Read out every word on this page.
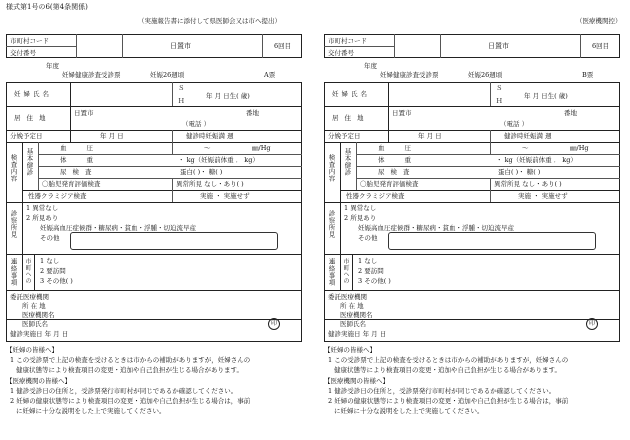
様式第1号の6(第4条関係)
（実施報告書に添付して県医師会又は市へ提出）
市町村コード
交付番号
日置市	6回目
年度
妊婦健康診査受診票	妊娠26週頃	A票
妊婦氏名
Ｓ
Ｈ
年 月 日生( 歳)
居住地
日置市	番地
（電話 ）
分娩予定日	年 月 日	健診時妊娠満 週
検査内容 基本健診	血圧	〜	㎜/Hg
体重	・ kg（妊娠前体重 ． kg）
尿検査	蛋白( )・ 糖( )
〇胎児発育評価検査	異常所見 なし・あり( )
性器クラミジア検査	実施 ・ 実施せず
診察所見
1 異常なし
2 所見あり
妊娠高血圧症候群・糖尿病・貧血・浮腫・切迫流早産
その他
連絡事項 市町への 1 なし
2 要訪問
3 その他( )
委託医療機関
所 在 地
医療機関名
医師氏名	印
健診実施日 年 月 日
【妊婦の皆様へ】
1 この受診票で上記の検査を受けるときは市からの補助がありますが，妊婦さんの
健康状態等により検査項目の変更・追加や自己負担が生じる場合があります。
【医療機関の皆様へ】
1 健診受診日の住所と，受診票発行市町村が同じであるか確認してください。
2 妊婦の健康状態等により検査項目の変更・追加や自己負担が生じる場合は，事前
に妊婦に十分な説明をした上で実施してください。
（医療機関控）
市町村コード
交付番号
日置市	6回目
年度
妊婦健康診査受診票	妊娠26週頃	B票
妊婦氏名
Ｓ
Ｈ
年 月 日生( 歳)
居住地
日置市	番地
（電話 ）
分娩予定日	年 月 日	健診時妊娠満 週
検査内容 基本健診	血圧	〜	㎜/Hg
体重	・ kg（妊娠前体重 ． kg）
尿検査	蛋白( )・ 糖( )
〇胎児発育評価検査	異常所見 なし・あり( )
性器クラミジア検査	実施 ・ 実施せず
診察所見
1 異常なし
2 所見あり
妊娠高血圧症候群・糖尿病・貧血・浮腫・切迫流早産
その他
連絡事項 市町への 1 なし
2 要訪問
3 その他( )
委託医療機関
所 在 地
医療機関名
医師氏名	印
健診実施日 年 月 日
【妊婦の皆様へ】
1 この受診票で上記の検査を受けるときは市からの補助がありますが，妊婦さんの
健康状態等により検査項目の変更・追加や自己負担が生じる場合があります。
【医療機関の皆様へ】
1 健診受診日の住所と，受診票発行市町村が同じであるか確認してください。
2 妊婦の健康状態等により検査項目の変更・追加や自己負担が生じる場合は，事前
に妊婦に十分な説明をした上で実施してください。
